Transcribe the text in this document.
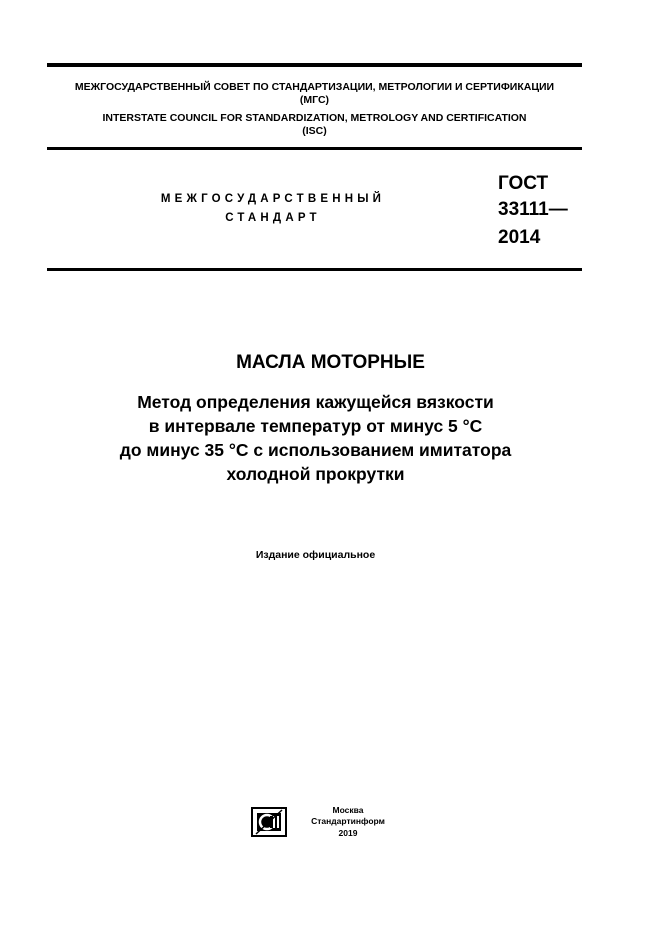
МЕЖГОСУДАРСТВЕННЫЙ СОВЕТ ПО СТАНДАРТИЗАЦИИ, МЕТРОЛОГИИ И СЕРТИФИКАЦИИ
(МГС)
INTERSTATE COUNCIL FOR STANDARDIZATION, METROLOGY AND CERTIFICATION
(ISC)
МЕЖГОСУДАРСТВЕННЫЙ
СТАНДАРТ
ГОСТ
33111—
2014
МАСЛА МОТОРНЫЕ
Метод определения кажущейся вязкости
в интервале температур от минус 5 °С
до минус 35 °С с использованием имитатора
холодной прокрутки
Издание официальное
Москва
Стандартинформ
2019
